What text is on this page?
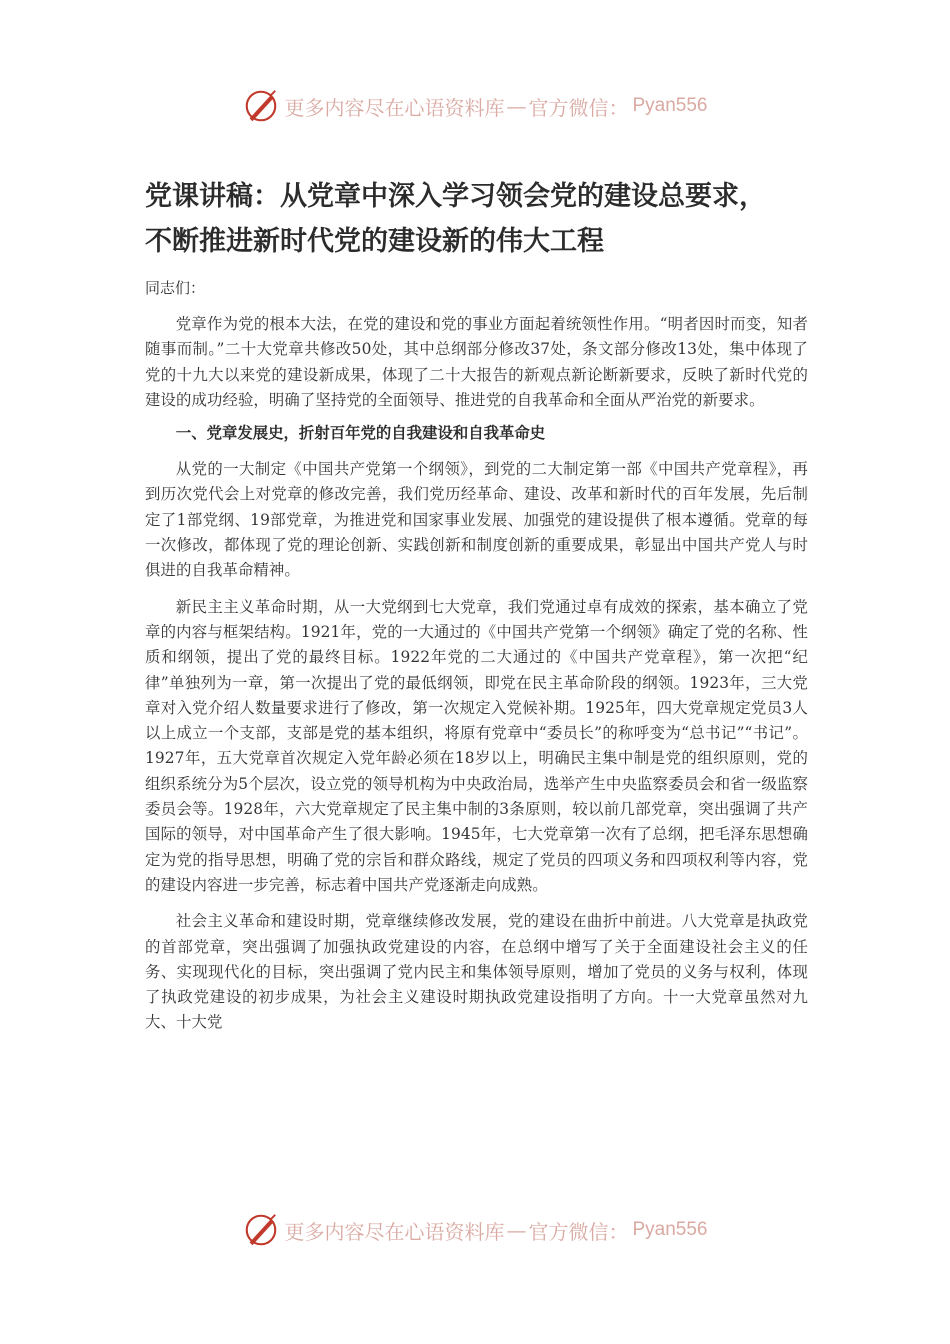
更多内容尽在心语资料库 — 官方微信： Pyan556
党课讲稿：从党章中深入学习领会党的建设总要求，
不断推进新时代党的建设新的伟大工程

同志们：

党章作为党的根本大法，在党的建设和党的事业方面起着统领性作用。“明者因时而变，知者随事而制。”二十大党章共修改50处，其中总纲部分修改37处，条文部分修改13处，集中体现了党的十九大以来党的建设新成果，体现了二十大报告的新观点新论断新要求，反映了新时代党的建设的成功经验，明确了坚持党的全面领导、推进党的自我革命和全面从严治党的新要求。

一、党章发展史，折射百年党的自我建设和自我革命史

从党的一大制定《中国共产党第一个纲领》，到党的二大制定第一部《中国共产党章程》，再到历次党代会上对党章的修改完善，我们党历经革命、建设、改革和新时代的百年发展，先后制定了1部党纲、19部党章，为推进党和国家事业发展、加强党的建设提供了根本遵循。党章的每一次修改，都体现了党的理论创新、实践创新和制度创新的重要成果，彰显出中国共产党人与时俱进的自我革命精神。

新民主主义革命时期，从一大党纲到七大党章，我们党通过卓有成效的探索，基本确立了党章的内容与框架结构。1921年，党的一大通过的《中国共产党第一个纲领》确定了党的名称、性质和纲领，提出了党的最终目标。1922年党的二大通过的《中国共产党章程》，第一次把“纪律”单独列为一章，第一次提出了党的最低纲领，即党在民主革命阶段的纲领。1923年，三大党章对入党介绍人数量要求进行了修改，第一次规定入党候补期。1925年，四大党章规定党员3人以上成立一个支部，支部是党的基本组织，将原有党章中“委员长”的称呼变为“总书记”“书记”。1927年，五大党章首次规定入党年龄必须在18岁以上，明确民主集中制是党的组织原则，党的组织系统分为5个层次，设立党的领导机构为中央政治局，选举产生中央监察委员会和省一级监察委员会等。1928年，六大党章规定了民主集中制的3条原则，较以前几部党章，突出强调了共产国际的领导，对中国革命产生了很大影响。1945年，七大党章第一次有了总纲，把毛泽东思想确定为党的指导思想，明确了党的宗旨和群众路线，规定了党员的四项义务和四项权利等内容，党的建设内容进一步完善，标志着中国共产党逐渐走向成熟。

社会主义革命和建设时期，党章继续修改发展，党的建设在曲折中前进。八大党章是执政党的首部党章，突出强调了加强执政党建设的内容，在总纲中增写了关于全面建设社会主义的任务、实现现代化的目标，突出强调了党内民主和集体领导原则，增加了党员的义务与权利，体现了执政党建设的初步成果，为社会主义建设时期执政党建设指明了方向。十一大党章虽然对九大、十大党

更多内容尽在心语资料库 — 官方微信： Pyan556
